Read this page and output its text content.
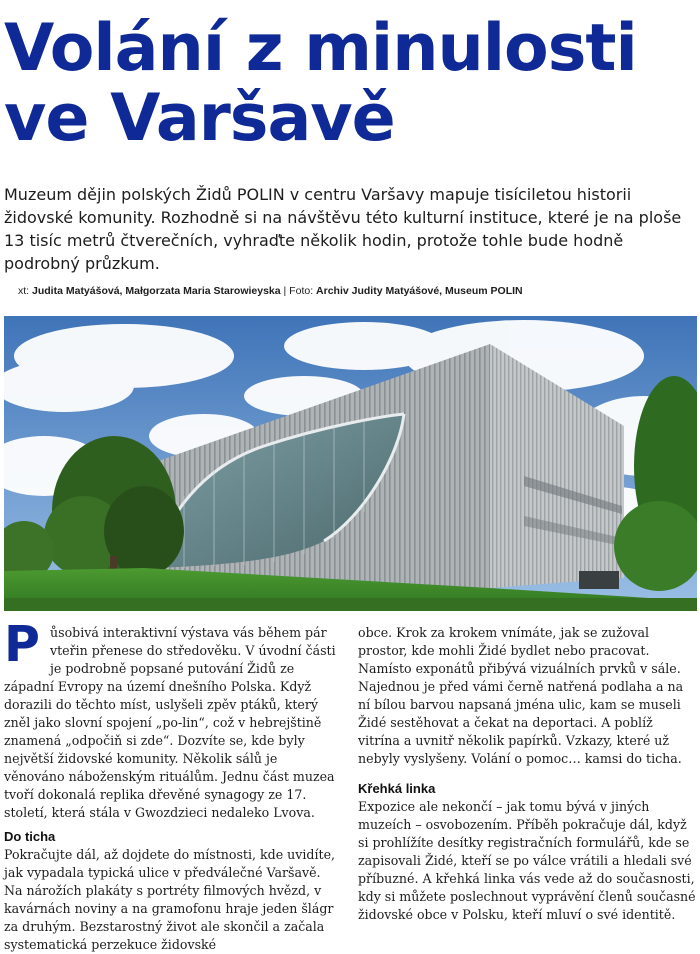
Volání z minulosti
ve Varšavě

Muzeum dějin polských Židů POLIN v centru Varšavy mapuje tisíciletou historii židovské komunity. Rozhodně si na návštěvu této kulturní instituce, které je na ploše 13 tisíc metrů čtverečních, vyhraďte několik hodin, protože tohle bude hodně podrobný průzkum.

xt: Judita Matyášová, Małgorzata Maria Starowieyska | Foto: Archiv Judity Matyášové, Museum POLIN

Působivá interaktivní výstava vás během pár vteřin přenese do středověku. V úvodní části je podrobně popsané putování Židů ze západní Evropy na území dnešního Polska. Když dorazili do těchto míst, uslyšeli zpěv ptáků, který zněl jako slovní spojení „po-lin“, což v hebrejštině znamená „odpočiň si zde“. Dozvíte se, kde byly největší židovské komunity. Několik sálů je věnováno náboženským rituálům. Jednu část muzea tvoří dokonalá replika dřevěné synagogy ze 17. století, která stála v Gwozdzieci nedaleko Lvova.

Do ticha

Pokračujte dál, až dojdete do místnosti, kde uvidíte, jak vypadala typická ulice v předválečné Varšavě. Na nárožích plakáty s portréty filmových hvězd, v kavárnách noviny a na gramofonu hraje jeden šlágr za druhým. Bezstarostný život ale skončil a začala systematická perzekuce židovské

obce. Krok za krokem vnímáte, jak se zužoval prostor, kde mohli Židé bydlet nebo pracovat. Namísto exponátů přibývá vizuálních prvků v sále. Najednou je před vámi černě natřená podlaha a na ní bílou barvou napsaná jména ulic, kam se museli Židé sestěhovat a čekat na deportaci. A poblíž vitrína a uvnitř několik papírků. Vzkazy, které už nebyly vyslyšeny. Volání o pomoc… kamsi do ticha.

Křehká linka

Expozice ale nekončí – jak tomu bývá v jiných muzeích – osvobozením. Příběh pokračuje dál, když si prohlížíte desítky registračních formulářů, kde se zapisovali Židé, kteří se po válce vrátili a hledali své příbuzné. A křehká linka vás vede až do současnosti, kdy si můžete poslechnout vyprávění členů současné židovské obce v Polsku, kteří mluví o své identitě.
